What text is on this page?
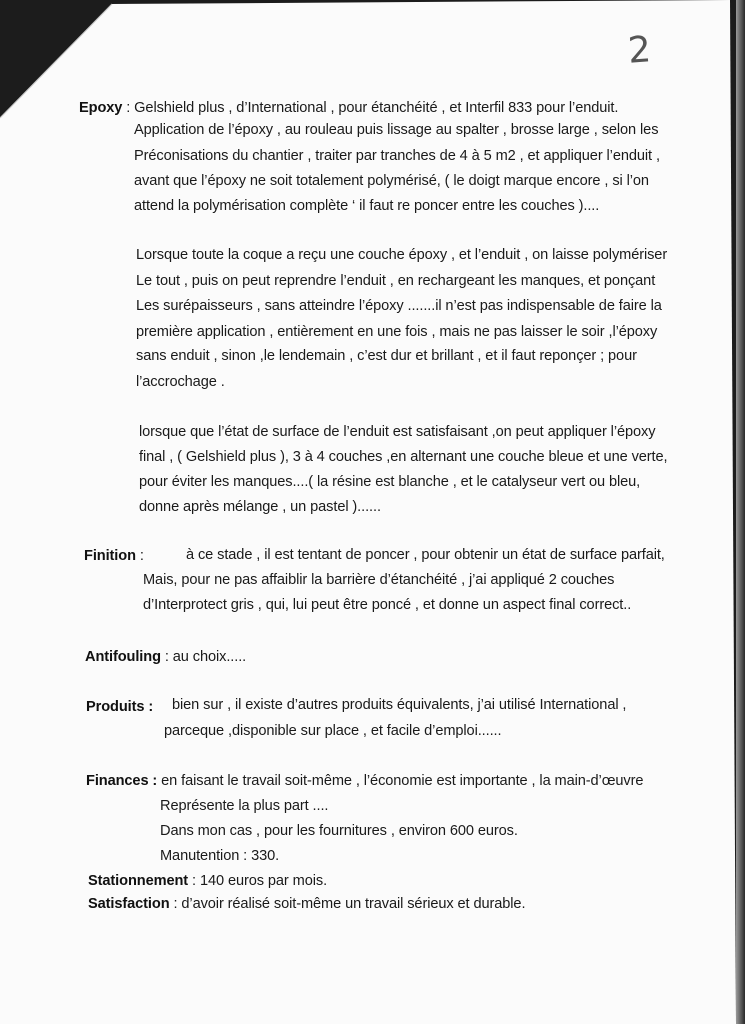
2
Epoxy : Gelshield plus , d’International , pour étanchéité , et Interfil 833 pour l’enduit.
Application de l’époxy , au rouleau puis lissage au spalter , brosse large , selon les
Préconisations du chantier , traiter par tranches de 4 à 5 m2 , et appliquer l’enduit ,
avant que l’époxy ne soit totalement polymérisé, ( le doigt marque encore , si l’on
attend la polymérisation complète ‘ il faut re poncer entre les couches )....
Lorsque toute la coque a reçu une couche époxy , et l’enduit , on laisse polymériser
Le tout , puis on peut reprendre l’enduit , en rechargeant les manques, et ponçant
Les surépaisseurs , sans atteindre l’époxy .......il n’est pas indispensable de faire la
première application , entièrement en une fois , mais ne pas laisser le soir ,l’époxy
sans enduit , sinon ,le lendemain , c’est dur et brillant , et il faut reponçer ; pour
l’accrochage .
lorsque que l’état de surface de l’enduit est satisfaisant ,on peut appliquer l’époxy
final , ( Gelshield plus ), 3 à 4 couches ,en alternant une couche bleue et une verte,
pour éviter les manques....( la résine est blanche , et le catalyseur vert ou bleu,
donne après mélange , un pastel )......
Finition :	à ce stade , il est tentant de poncer , pour obtenir un état de surface parfait,
Mais, pour ne pas affaiblir la barrière d’étanchéité , j’ai appliqué 2 couches
d’Interprotect gris , qui, lui peut être poncé , et donne un aspect final correct..
Antifouling : au choix.....
Produits : bien sur , il existe d’autres produits équivalents, j’ai utilisé International ,
parceque ,disponible sur place , et facile d’emploi......
Finances : en faisant le travail soit-même , l’économie est importante , la main-d’œuvre
Représente la plus part ....
Dans mon cas , pour les fournitures , environ 600 euros.
Manutention : 330.
Stationnement : 140 euros par mois.
Satisfaction : d’avoir réalisé soit-même un travail sérieux et durable.
